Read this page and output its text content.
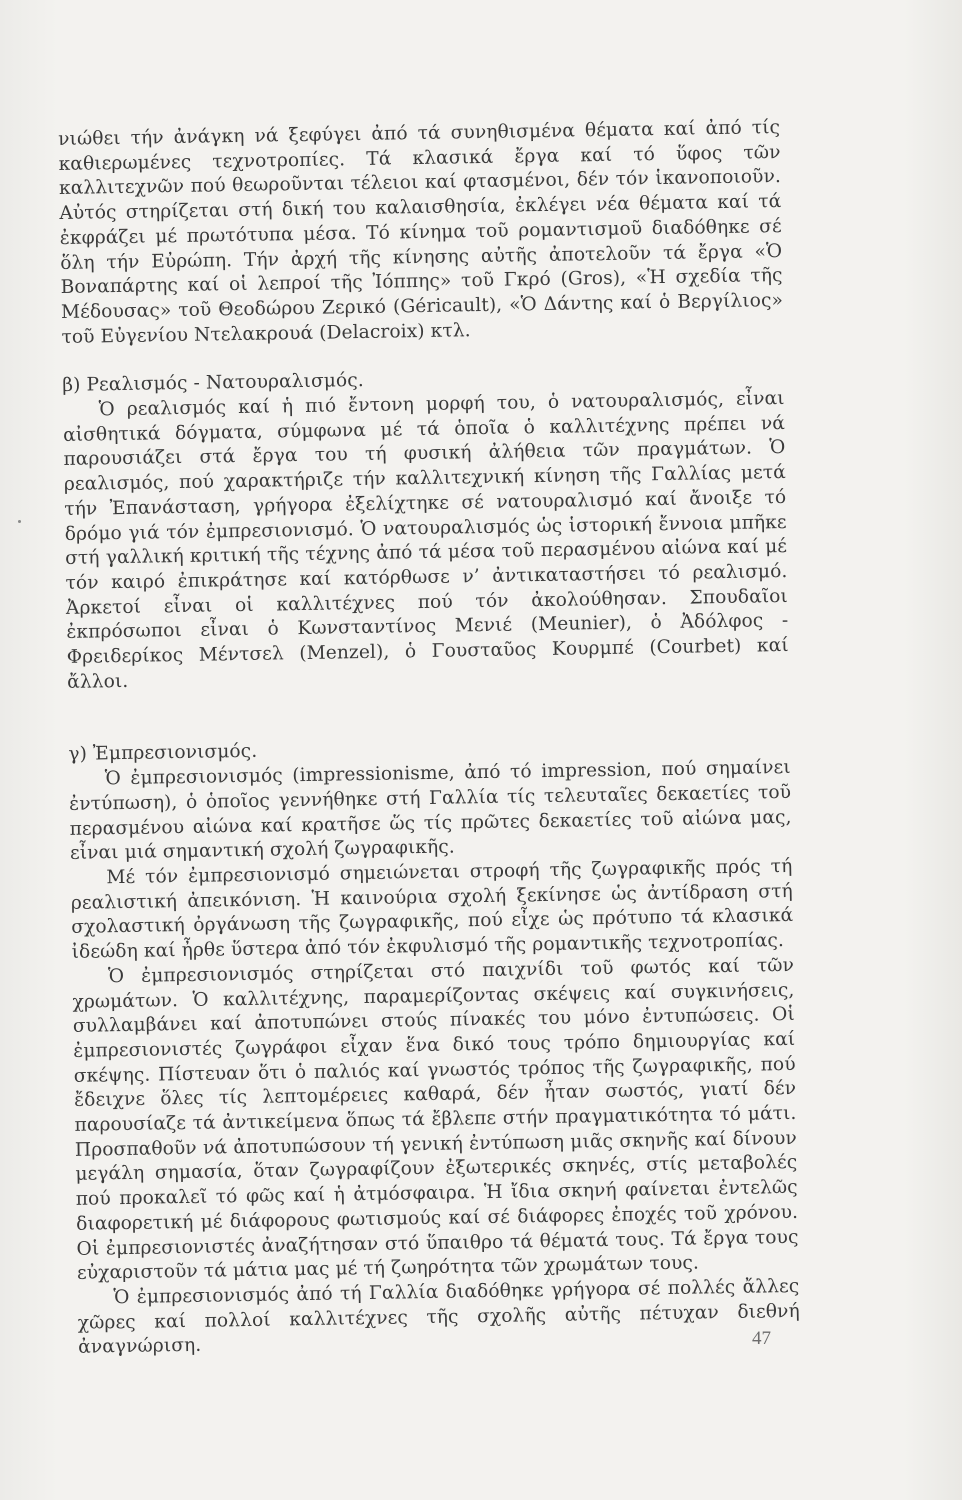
νιώθει τήν ἀνάγκη νά ξεφύγει ἀπό τά συνηθισμένα θέματα καί ἀπό τίς καθιερωμένες τεχνοτροπίες. Τά κλασικά ἔργα καί τό ὕφος τῶν καλλιτεχνῶν πού θεωροῦνται τέλειοι καί φτασμένοι, δέν τόν ἱκανοποιοῦν. Αὐτός στηρίζεται στή δική του καλαισθησία, ἐκλέγει νέα θέματα καί τά ἐκφράζει μέ πρωτότυπα μέσα. Τό κίνημα τοῦ ρομαντισμοῦ διαδόθηκε σέ ὅλη τήν Εὐρώπη. Τήν ἀρχή τῆς κίνησης αὐτῆς ἀποτελοῦν τά ἔργα «Ὁ Βοναπάρτης καί οἱ λεπροί τῆς Ἰόππης» τοῦ Γκρό (Gros), «Ἡ σχεδία τῆς Μέδουσας» τοῦ Θεοδώρου Ζερικό (Géricault), «Ὁ Δάντης καί ὁ Βεργίλιος» τοῦ Εὐγενίου Ντελακρουά (Delacroix) κτλ.

β) Ρεαλισμός - Νατουραλισμός.

Ὁ ρεαλισμός καί ἡ πιό ἔντονη μορφή του, ὁ νατουραλισμός, εἶναι αἰσθητικά δόγματα, σύμφωνα μέ τά ὁποῖα ὁ καλλιτέχνης πρέπει νά παρουσιάζει στά ἔργα του τή φυσική ἀλήθεια τῶν πραγμάτων. Ὁ ρεαλισμός, πού χαρακτήριζε τήν καλλιτεχνική κίνηση τῆς Γαλλίας μετά τήν Ἐπανάσταση, γρήγορα ἐξελίχτηκε σέ νατουραλισμό καί ἄνοιξε τό δρόμο γιά τόν ἐμπρεσιονισμό. Ὁ νατουραλισμός ὡς ἱστορική ἔννοια μπῆκε στή γαλλική κριτική τῆς τέχνης ἀπό τά μέσα τοῦ περασμένου αἰώνα καί μέ τόν καιρό ἐπικράτησε καί κατόρθωσε ν’ ἀντικαταστήσει τό ρεαλισμό. Ἀρκετοί εἶναι οἱ καλλιτέχνες πού τόν ἀκολούθησαν. Σπουδαῖοι ἐκπρόσωποι εἶναι ὁ Κωνσταντίνος Μενιέ (Meunier), ὁ Ἀδόλφος - Φρειδερίκος Μέντσελ (Menzel), ὁ Γουσταῦος Κουρμπέ (Courbet) καί ἄλλοι.

γ) Ἐμπρεσιονισμός.

Ὁ ἐμπρεσιονισμός (impressionisme, ἀπό τό impression, πού σημαίνει ἐντύπωση), ὁ ὁποῖος γεννήθηκε στή Γαλλία τίς τελευταῖες δεκαετίες τοῦ περασμένου αἰώνα καί κρατῆσε ὥς τίς πρῶτες δεκαετίες τοῦ αἰώνα μας, εἶναι μιά σημαντική σχολή ζωγραφικῆς.

Μέ τόν ἐμπρεσιονισμό σημειώνεται στροφή τῆς ζωγραφικῆς πρός τή ρεαλιστική ἀπεικόνιση. Ἡ καινούρια σχολή ξεκίνησε ὡς ἀντίδραση στή σχολαστική ὀργάνωση τῆς ζωγραφικῆς, πού εἶχε ὡς πρότυπο τά κλασικά ἰδεώδη καί ἦρθε ὕστερα ἀπό τόν ἐκφυλισμό τῆς ρομαντικῆς τεχνοτροπίας.

Ὁ ἐμπρεσιονισμός στηρίζεται στό παιχνίδι τοῦ φωτός καί τῶν χρωμάτων. Ὁ καλλιτέχνης, παραμερίζοντας σκέψεις καί συγκινήσεις, συλλαμβάνει καί ἀποτυπώνει στούς πίνακές του μόνο ἐντυπώσεις. Οἱ ἐμπρεσιονιστές ζωγράφοι εἶχαν ἕνα δικό τους τρόπο δημιουργίας καί σκέψης. Πίστευαν ὅτι ὁ παλιός καί γνωστός τρόπος τῆς ζωγραφικῆς, πού ἔδειχνε ὅλες τίς λεπτομέρειες καθαρά, δέν ἦταν σωστός, γιατί δέν παρουσίαζε τά ἀντικείμενα ὅπως τά ἔβλεπε στήν πραγματικότητα τό μάτι. Προσπαθοῦν νά ἀποτυπώσουν τή γενική ἐντύπωση μιᾶς σκηνῆς καί δίνουν μεγάλη σημασία, ὅταν ζωγραφίζουν ἐξωτερικές σκηνές, στίς μεταβολές πού προκαλεῖ τό φῶς καί ἡ ἀτμόσφαιρα. Ἡ ἴδια σκηνή φαίνεται ἐντελῶς διαφορετική μέ διάφορους φωτισμούς καί σέ διάφορες ἐποχές τοῦ χρόνου. Οἱ ἐμπρεσιονιστές ἀναζήτησαν στό ὕπαιθρο τά θέματά τους. Τά ἔργα τους εὐχαριστοῦν τά μάτια μας μέ τή ζωηρότητα τῶν χρωμάτων τους.

Ὁ ἐμπρεσιονισμός ἀπό τή Γαλλία διαδόθηκε γρήγορα σέ πολλές ἄλλες χῶρες καί πολλοί καλλιτέχνες τῆς σχολῆς αὐτῆς πέτυχαν διεθνή ἀναγνώριση.	47
